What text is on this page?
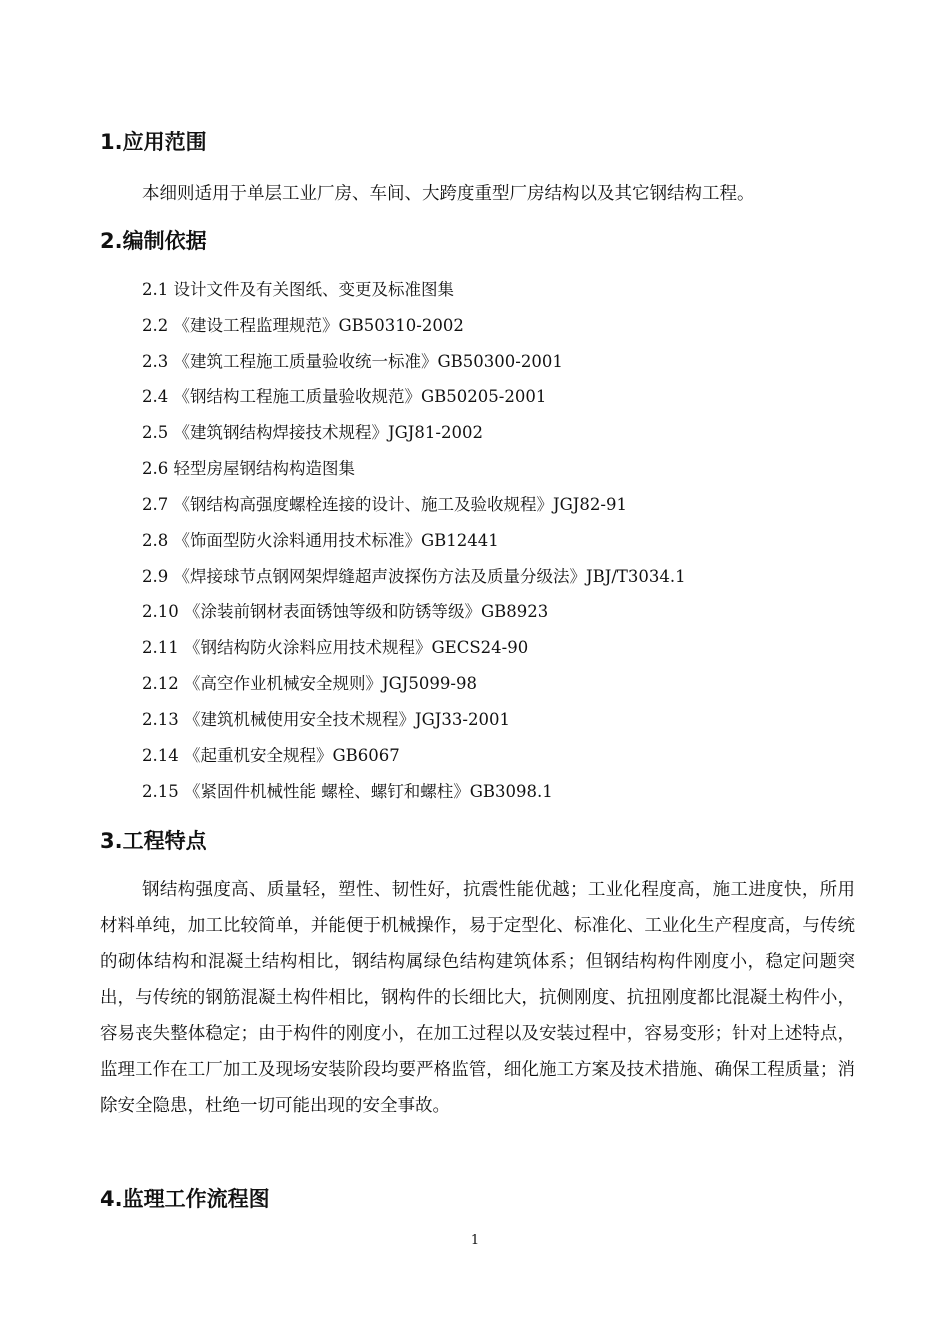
1.应用范围
本细则适用于单层工业厂房、车间、大跨度重型厂房结构以及其它钢结构工程。
2.编制依据
2.1 设计文件及有关图纸、变更及标准图集
2.2 《建设工程监理规范》GB50310-2002
2.3 《建筑工程施工质量验收统一标准》GB50300-2001
2.4 《钢结构工程施工质量验收规范》GB50205-2001
2.5 《建筑钢结构焊接技术规程》JGJ81-2002
2.6 轻型房屋钢结构构造图集
2.7 《钢结构高强度螺栓连接的设计、施工及验收规程》JGJ82-91
2.8 《饰面型防火涂料通用技术标准》GB12441
2.9 《焊接球节点钢网架焊缝超声波探伤方法及质量分级法》JBJ/T3034.1
2.10 《涂装前钢材表面锈蚀等级和防锈等级》GB8923
2.11 《钢结构防火涂料应用技术规程》GECS24-90
2.12 《高空作业机械安全规则》JGJ5099-98
2.13 《建筑机械使用安全技术规程》JGJ33-2001
2.14 《起重机安全规程》GB6067
2.15 《紧固件机械性能 螺栓、螺钉和螺柱》GB3098.1
3.工程特点
钢结构强度高、质量轻，塑性、韧性好，抗震性能优越；工业化程度高，施工进度快，所用材料单纯，加工比较简单，并能便于机械操作，易于定型化、标准化、工业化生产程度高，与传统的砌体结构和混凝土结构相比，钢结构属绿色结构建筑体系；但钢结构构件刚度小，稳定问题突出，与传统的钢筋混凝土构件相比，钢构件的长细比大，抗侧刚度、抗扭刚度都比混凝土构件小，容易丧失整体稳定；由于构件的刚度小，在加工过程以及安装过程中，容易变形；针对上述特点，监理工作在工厂加工及现场安装阶段均要严格监管，细化施工方案及技术措施、确保工程质量；消除安全隐患，杜绝一切可能出现的安全事故。
4.监理工作流程图
1
